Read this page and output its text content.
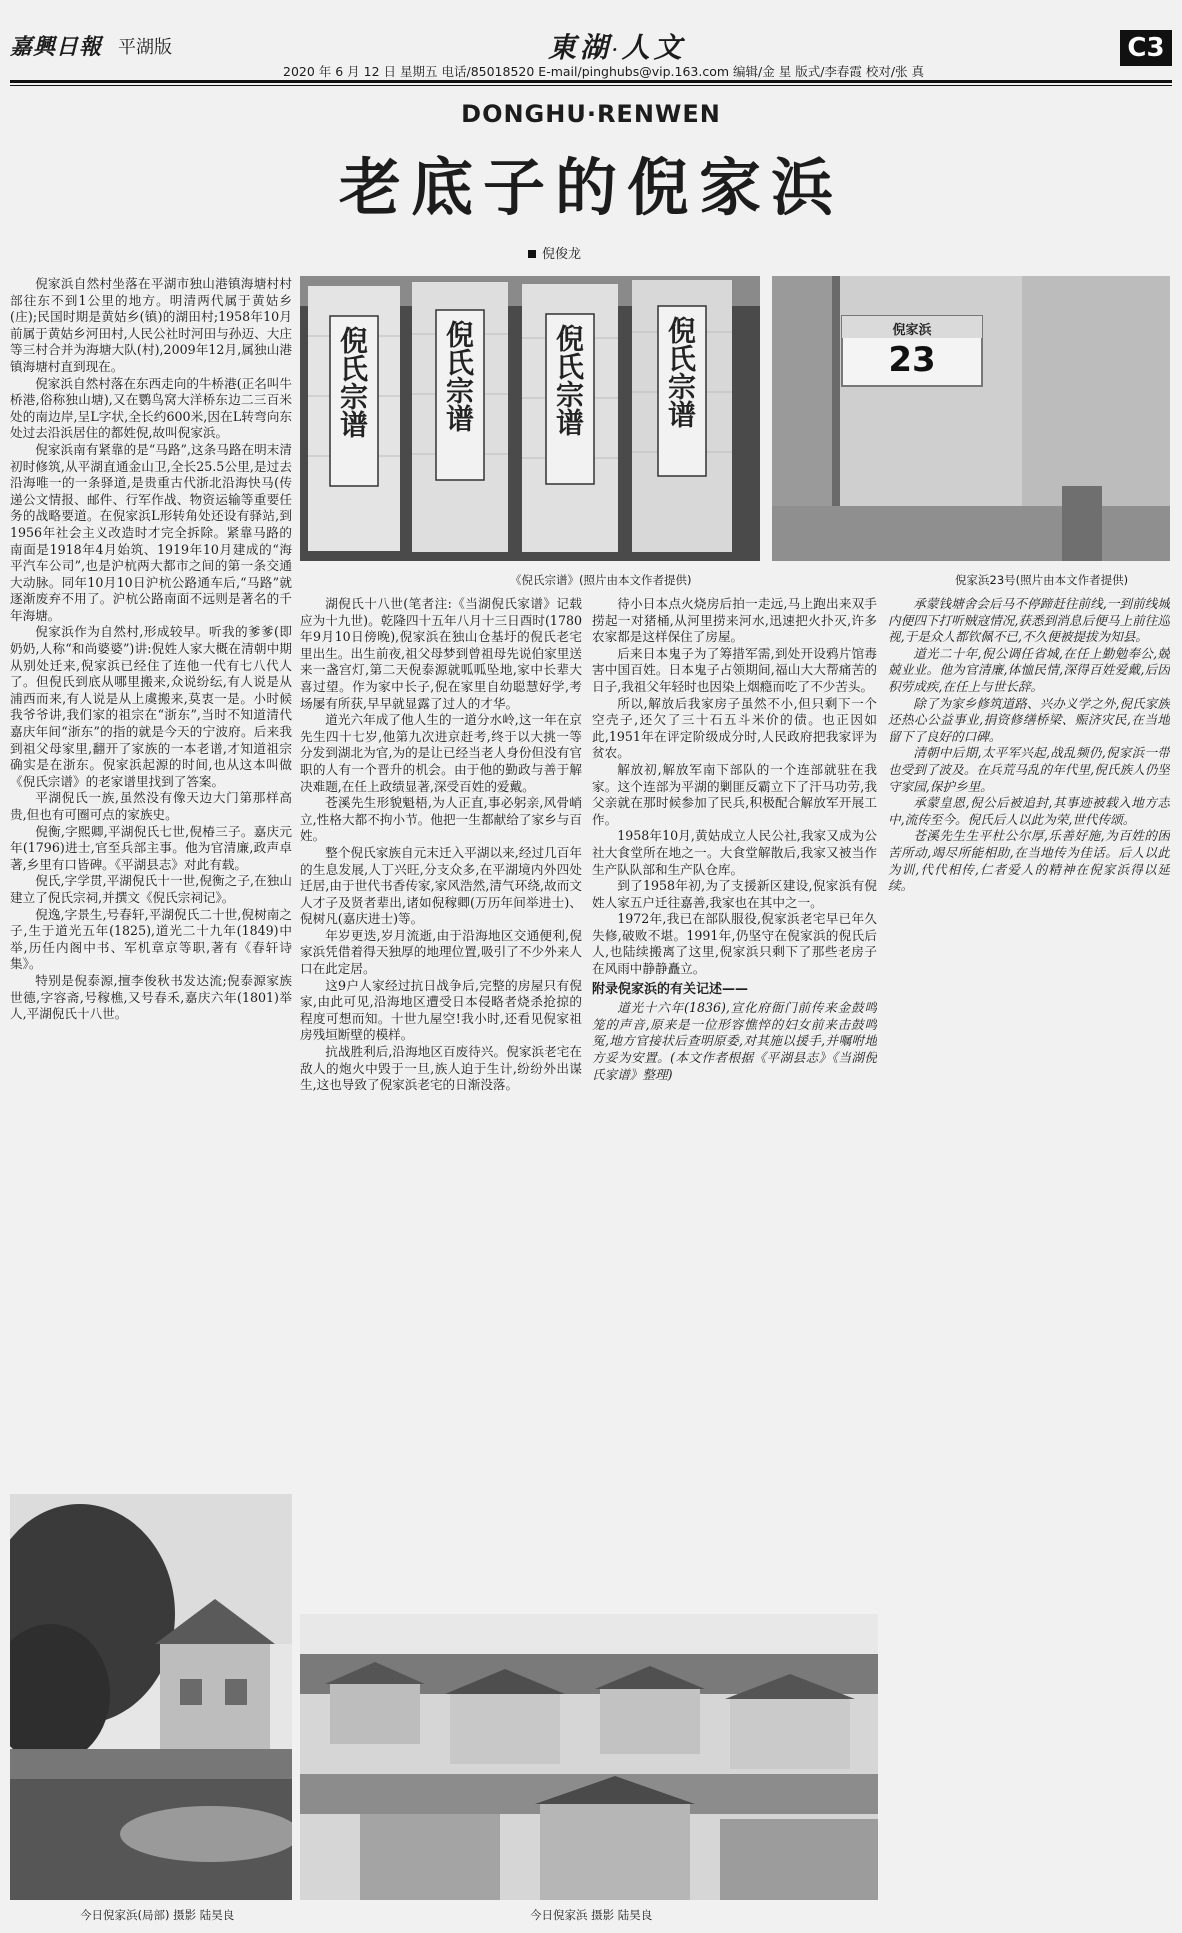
嘉興日報 平湖版	東湖·人文
2020 年 6 月 12 日 星期五 电话/85018520 E-mail/pinghubs@vip.163.com 编辑/金 星 版式/李春霞 校对/张 真
C3
DONGHU·RENWEN
老底子的倪家浜
倪俊龙
倪氏宗谱	倪氏宗谱	倪氏宗谱	倪氏宗谱
《倪氏宗谱》(照片由本文作者提供)
倪家浜
23
倪家浜23号(照片由本文作者提供)

倪家浜自然村坐落在平湖市独山港镇海塘村村部往东不到1公里的地方。明清两代属于黄姑乡(庄);民国时期是黄姑乡(镇)的湖田村;1958年10月前属于黄姑乡河田村,人民公社时河田与孙迈、大庄等三村合并为海塘大队(村),2009年12月,属独山港镇海塘村直到现在。

倪家浜自然村落在东西走向的牛桥港(正名叫牛桥港,俗称独山塘),又在鹦鸟窝大洋桥东边二三百米处的南边岸,呈L字状,全长约600米,因在L转弯向东处过去沿浜居住的都姓倪,故叫倪家浜。

倪家浜南有紧靠的是“马路”,这条马路在明末清初时修筑,从平湖直通金山卫,全长25.5公里,是过去沿海唯一的一条驿道,是贵重古代浙北沿海快马(传递公文情报、邮件、行军作战、物资运输等重要任务的战略要道。在倪家浜L形转角处还设有驿站,到1956年社会主义改造时才完全拆除。紧靠马路的南面是1918年4月始筑、1919年10月建成的“海平汽车公司”,也是沪杭两大都市之间的第一条交通大动脉。同年10月10日沪杭公路通车后,“马路”就逐渐废弃不用了。沪杭公路南面不远则是著名的千年海塘。

倪家浜作为自然村,形成较早。听我的爹爹(即奶奶,人称“和尚婆婆”)讲:倪姓人家大概在清朝中期从别处迁来,倪家浜已经住了连他一代有七八代人了。但倪氏到底从哪里搬来,众说纷纭,有人说是从浦西而来,有人说是从上虞搬来,莫衷一是。小时候我爷爷讲,我们家的祖宗在“浙东”,当时不知道清代嘉庆年间“浙东”的指的就是今天的宁波府。后来我到祖父母家里,翻开了家族的一本老谱,才知道祖宗确实是在浙东。倪家浜起源的时间,也从这本叫做《倪氏宗谱》的老家谱里找到了答案。

平湖倪氏一族,虽然没有像天边大门第那样高贵,但也有可圈可点的家族史。

倪衡,字熙卿,平湖倪氏七世,倪椿三子。嘉庆元年(1796)进士,官至兵部主事。他为官清廉,政声卓著,乡里有口皆碑。《平湖县志》对此有载。

倪氏,字学贯,平湖倪氏十一世,倪衡之子,在独山建立了倪氏宗祠,并撰文《倪氏宗祠记》。

倪逸,字景生,号春轩,平湖倪氏二十世,倪树南之子,生于道光五年(1825),道光二十九年(1849)中举,历任内阁中书、军机章京等职,著有《春轩诗集》。

特别是倪泰源,擅李俊秋书发达流;倪泰源家族世德,字容斋,号稼樵,又号春禾,嘉庆六年(1801)举人,平湖倪氏十八世。

湖倪氏十八世(笔者注:《当湖倪氏家谱》记载应为十九世)。乾隆四十五年八月十三日酉时(1780年9月10日傍晚),倪家浜在独山仓基圩的倪氏老宅里出生。出生前夜,祖父母梦到曾祖母先说伯家里送来一盏宫灯,第二天倪泰源就呱呱坠地,家中长辈大喜过望。作为家中长子,倪在家里自幼聪慧好学,考场屡有所获,早早就显露了过人的才华。

道光六年成了他人生的一道分水岭,这一年在京先生四十七岁,他第九次进京赶考,终于以大挑一等分发到湖北为官,为的是让已经当老人身份但没有官职的人有一个晋升的机会。由于他的勤政与善于解决难题,在任上政绩显著,深受百姓的爱戴。

苍溪先生形貌魁梧,为人正直,事必躬亲,风骨峭立,性格大都不拘小节。他把一生都献给了家乡与百姓。

整个倪氏家族自元末迁入平湖以来,经过几百年的生息发展,人丁兴旺,分支众多,在平湖境内外四处迁居,由于世代书香传家,家风浩然,清气环绕,故而文人才子及贤者辈出,诸如倪稼卿(万历年间举进士)、倪树凡(嘉庆进士)等。

年岁更迭,岁月流逝,由于沿海地区交通便利,倪家浜凭借着得天独厚的地理位置,吸引了不少外来人口在此定居。

这9户人家经过抗日战争后,完整的房屋只有倪家,由此可见,沿海地区遭受日本侵略者烧杀抢掠的程度可想而知。十世九屋空!我小时,还看见倪家祖房残垣断壁的模样。

抗战胜利后,沿海地区百废待兴。倪家浜老宅在敌人的炮火中毁于一旦,族人迫于生计,纷纷外出谋生,这也导致了倪家浜老宅的日渐没落。

待小日本点火烧房后拍一走远,马上跑出来双手捞起一对猪桶,从河里捞来河水,迅速把火扑灭,许多农家都是这样保住了房屋。

后来日本鬼子为了筹措军需,到处开设鸦片馆毒害中国百姓。日本鬼子占领期间,福山大大帮痛苦的日子,我祖父年轻时也因染上烟瘾而吃了不少苦头。

所以,解放后我家房子虽然不小,但只剩下一个空壳子,还欠了三十石五斗米价的债。也正因如此,1951年在评定阶级成分时,人民政府把我家评为贫农。

解放初,解放军南下部队的一个连部就驻在我家。这个连部为平湖的剿匪反霸立下了汗马功劳,我父亲就在那时候参加了民兵,积极配合解放军开展工作。

1958年10月,黄姑成立人民公社,我家又成为公社大食堂所在地之一。大食堂解散后,我家又被当作生产队队部和生产队仓库。

到了1958年初,为了支援新区建设,倪家浜有倪姓人家五户迁往嘉善,我家也在其中之一。

1972年,我已在部队服役,倪家浜老宅早已年久失修,破败不堪。1991年,仍坚守在倪家浜的倪氏后人,也陆续搬离了这里,倪家浜只剩下了那些老房子在风雨中静静矗立。

附录倪家浜的有关记述——

道光十六年(1836),宣化府衙门前传来金鼓鸣笼的声音,原来是一位形容憔悴的妇女前来击鼓鸣冤,地方官接状后查明原委,对其施以援手,并嘱咐地方妥为安置。(本文作者根据《平湖县志》《当湖倪氏家谱》整理)

承蒙钱塘舍会后马不停蹄赶往前线,一到前线城内便四下打听贼寇情况,获悉到消息后便马上前往巡视,于是众人都钦佩不已,不久便被提拔为知县。

道光二十年,倪公调任省城,在任上勤勉奉公,兢兢业业。他为官清廉,体恤民情,深得百姓爱戴,后因积劳成疾,在任上与世长辞。

除了为家乡修筑道路、兴办义学之外,倪氏家族还热心公益事业,捐资修缮桥梁、赈济灾民,在当地留下了良好的口碑。

清朝中后期,太平军兴起,战乱频仍,倪家浜一带也受到了波及。在兵荒马乱的年代里,倪氏族人仍坚守家园,保护乡里。

承蒙皇恩,倪公后被追封,其事迹被载入地方志中,流传至今。倪氏后人以此为荣,世代传颂。

苍溪先生生平杜公尔厚,乐善好施,为百姓的困苦所动,竭尽所能相助,在当地传为佳话。后人以此为训,代代相传,仁者爱人的精神在倪家浜得以延续。

今日倪家浜(局部) 摄影 陆昊良	今日倪家浜 摄影 陆昊良
